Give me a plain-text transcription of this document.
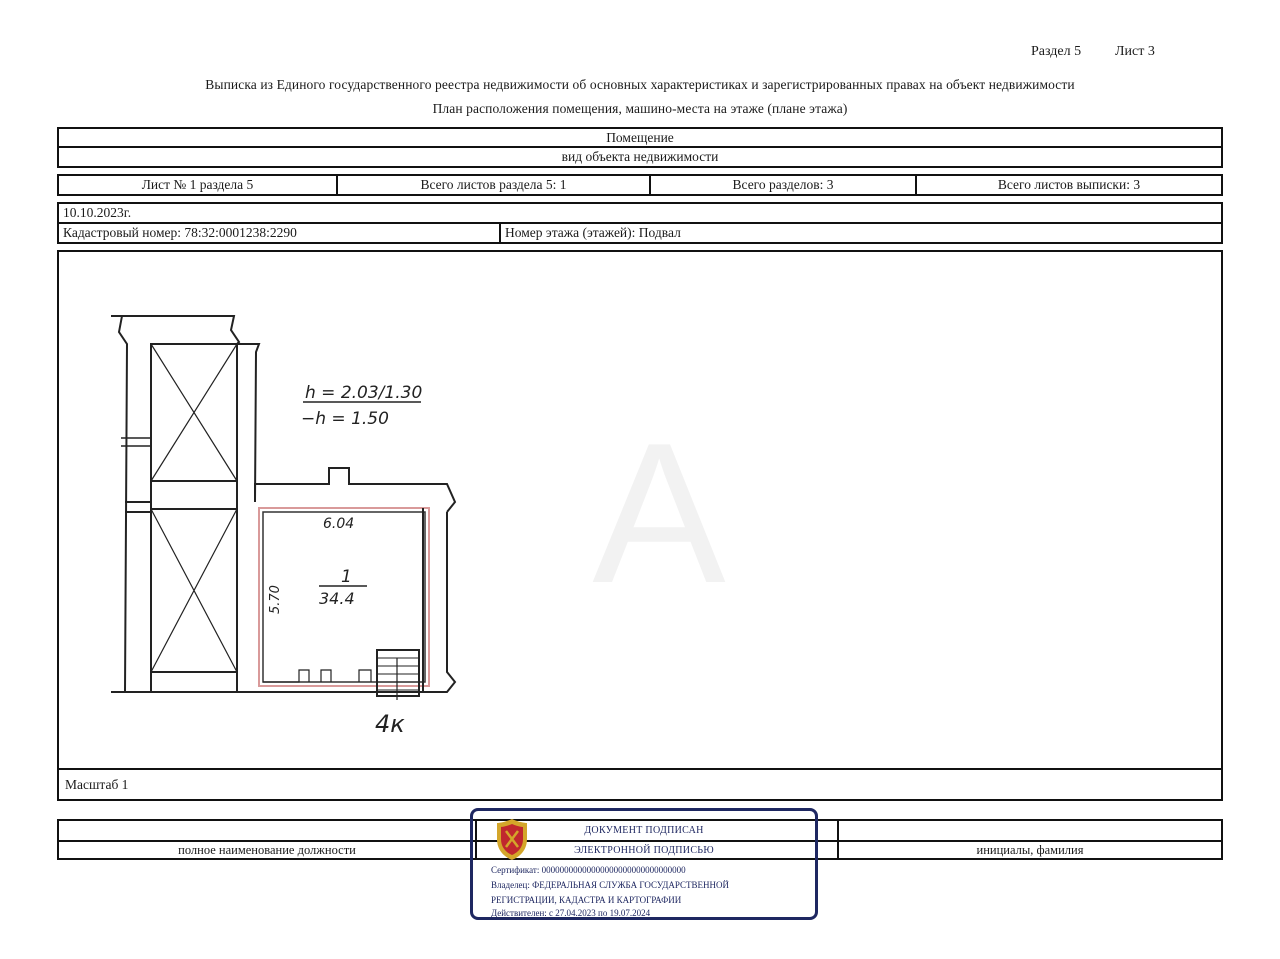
Раздел 5 Лист 3
Выписка из Единого государственного реестра недвижимости об основных характеристиках и зарегистрированных правах на объект недвижимости
План расположения помещения, машино-места на этаже (плане этажа)
Помещение
вид объекта недвижимости
Лист № 1 раздела 5	Всего листов раздела 5: 1	Всего разделов: 3	Всего листов выписки: 3
10.10.2023г.
Кадастровый номер: 78:32:0001238:2290	Номер этажа (этажей): Подвал
A
h = 2.03/1.30
−h = 1.50
6.04
5.70
1
34.4
4к
Масштаб 1
полное наименование должности	инициалы, фамилия
ДОКУМЕНТ ПОДПИСАН
ЭЛЕКТРОННОЙ ПОДПИСЬЮ
Сертификат: 00000000000000000000000000000000
Владелец: ФЕДЕРАЛЬНАЯ СЛУЖБА ГОСУДАРСТВЕННОЙ
РЕГИСТРАЦИИ, КАДАСТРА И КАРТОГРАФИИ
Действителен: с 27.04.2023 по 19.07.2024
